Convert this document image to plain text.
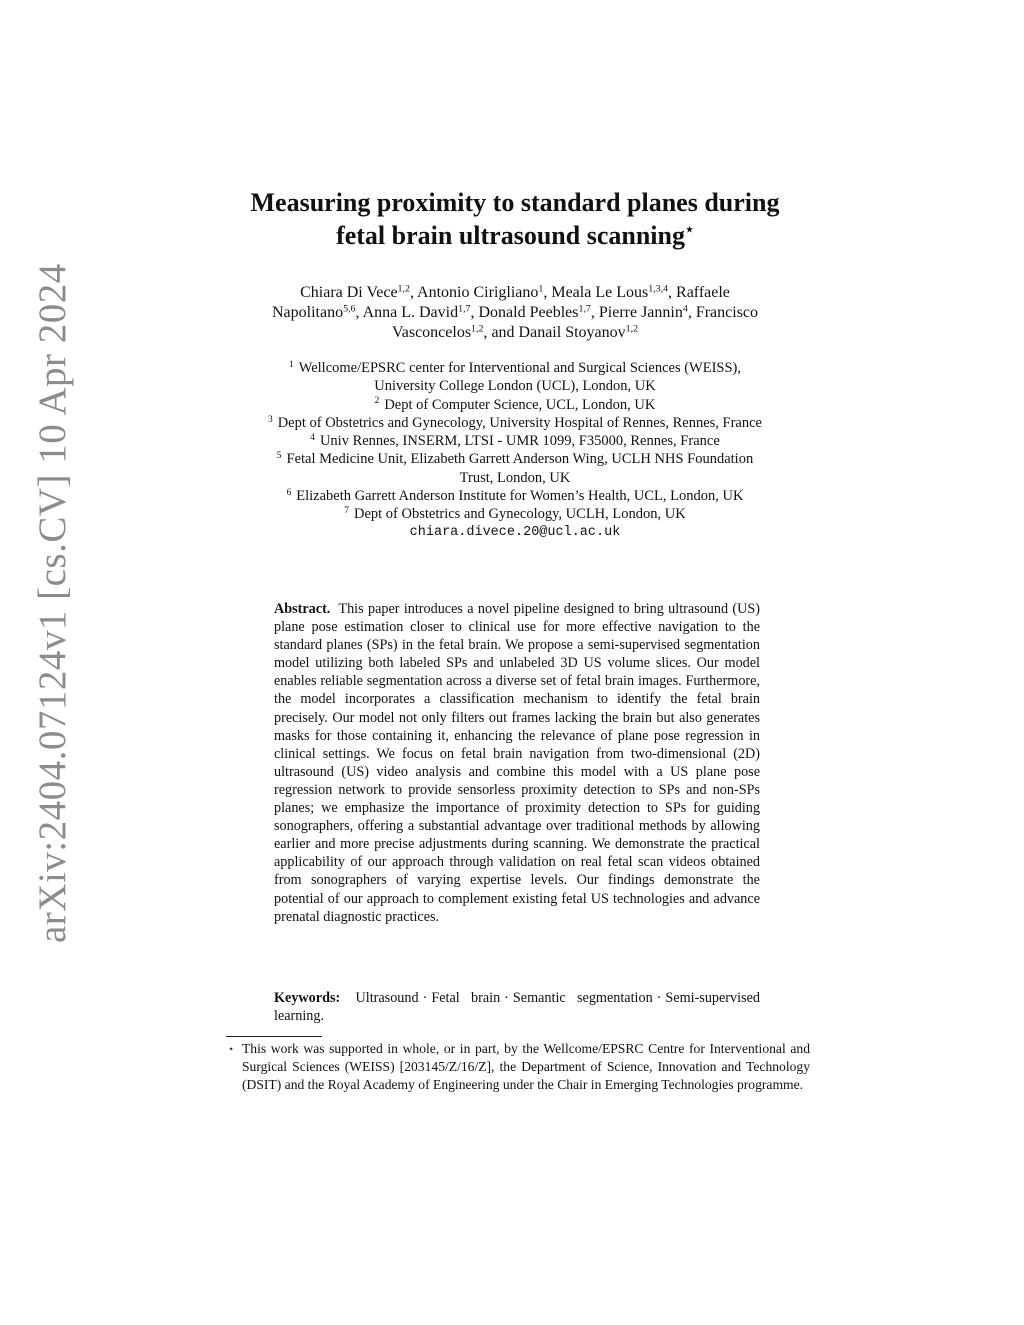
arXiv:2404.07124v1 [cs.CV] 10 Apr 2024
Measuring proximity to standard planes during
fetal brain ultrasound scanning⋆
Chiara Di Vece$^{1,2}$, Antonio Cirigliano$^1$, Meala Le Lous$^{1,3,4}$, Raffaele
Napolitano$^{5,6}$, Anna L. David$^{1,7}$, Donald Peebles$^{1,7}$, Pierre Jannin$^4$, Francisco
Vasconcelos$^{1,2}$, and Danail Stoyanov$^{1,2}$
$^1$ Wellcome/EPSRC center for Interventional and Surgical Sciences (WEISS),
University College London (UCL), London, UK
$^2$ Dept of Computer Science, UCL, London, UK
$^3$ Dept of Obstetrics and Gynecology, University Hospital of Rennes, Rennes, France
$^4$ Univ Rennes, INSERM, LTSI - UMR 1099, F35000, Rennes, France
$^5$ Fetal Medicine Unit, Elizabeth Garrett Anderson Wing, UCLH NHS Foundation
Trust, London, UK
$^6$ Elizabeth Garrett Anderson Institute for Women’s Health, UCL, London, UK
$^7$ Dept of Obstetrics and Gynecology, UCLH, London, UK
chiara.divece.20@ucl.ac.uk
Abstract. This paper introduces a novel pipeline designed to bring ultrasound (US) plane pose estimation closer to clinical use for more effective navigation to the standard planes (SPs) in the fetal brain. We propose a semi-supervised segmentation model utilizing both labeled SPs and unlabeled 3D US volume slices. Our model enables reliable segmentation across a diverse set of fetal brain images. Furthermore, the model incorporates a classification mechanism to identify the fetal brain precisely. Our model not only filters out frames lacking the brain but also generates masks for those containing it, enhancing the relevance of plane pose regression in clinical settings. We focus on fetal brain navigation from two-dimensional (2D) ultrasound (US) video analysis and combine this model with a US plane pose regression network to provide sensorless proximity detection to SPs and non-SPs planes; we emphasize the importance of proximity detection to SPs for guiding sonographers, offering a substantial advantage over traditional methods by allowing earlier and more precise adjustments during scanning. We demonstrate the practical applicability of our approach through validation on real fetal scan videos obtained from sonographers of varying expertise levels. Our findings demonstrate the potential of our approach to complement existing fetal US technologies and advance prenatal diagnostic practices.
Keywords: Ultrasound · Fetal brain · Semantic segmentation · Semi-supervised learning.
⋆ This work was supported in whole, or in part, by the Wellcome/EPSRC Centre for Interventional and Surgical Sciences (WEISS) [203145/Z/16/Z], the Department of Science, Innovation and Technology (DSIT) and the Royal Academy of Engineering under the Chair in Emerging Technologies programme.
